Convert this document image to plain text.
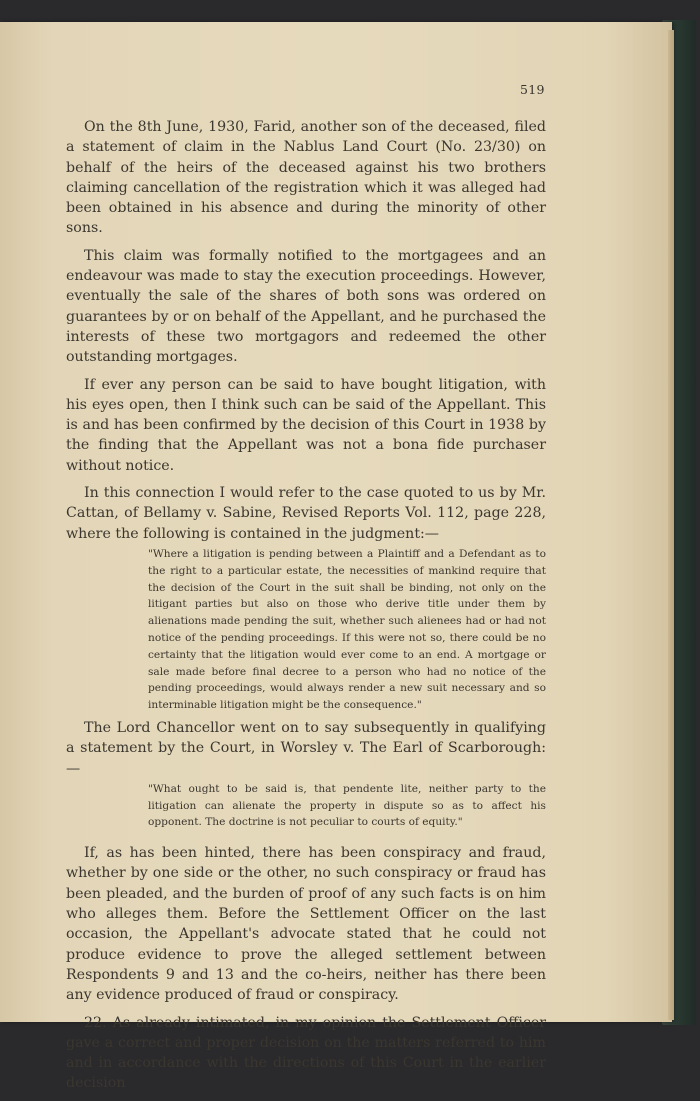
519

On the 8th June, 1930, Farid, another son of the deceased, filed a statement of claim in the Nablus Land Court (No. 23/30) on behalf of the heirs of the deceased against his two brothers claiming cancellation of the registration which it was alleged had been obtained in his absence and during the minority of other sons.

This claim was formally notified to the mortgagees and an endeavour was made to stay the execution proceedings. However, eventually the sale of the shares of both sons was ordered on guarantees by or on behalf of the Appellant, and he purchased the interests of these two mortgagors and redeemed the other outstanding mortgages.

If ever any person can be said to have bought litigation, with his eyes open, then I think such can be said of the Appellant. This is and has been confirmed by the decision of this Court in 1938 by the finding that the Appellant was not a bona fide purchaser without notice.

In this connection I would refer to the case quoted to us by Mr. Cattan, of Bellamy v. Sabine, Revised Reports Vol. 112, page 228, where the following is contained in the judgment:—

"Where a litigation is pending between a Plaintiff and a Defendant as to the right to a particular estate, the necessities of mankind require that the decision of the Court in the suit shall be binding, not only on the litigant parties but also on those who derive title under them by alienations made pending the suit, whether such alienees had or had not notice of the pending proceedings. If this were not so, there could be no certainty that the litigation would ever come to an end. A mortgage or sale made before final decree to a person who had no notice of the pending proceedings, would always render a new suit necessary and so interminable litigation might be the consequence."

The Lord Chancellor went on to say subsequently in qualifying a statement by the Court, in Worsley v. The Earl of Scarborough:—

"What ought to be said is, that pendente lite, neither party to the litigation can alienate the property in dispute so as to affect his opponent. The doctrine is not peculiar to courts of equity."

If, as has been hinted, there has been conspiracy and fraud, whether by one side or the other, no such conspiracy or fraud has been pleaded, and the burden of proof of any such facts is on him who alleges them. Before the Settlement Officer on the last occasion, the Appellant's advocate stated that he could not produce evidence to prove the alleged settlement between Respondents 9 and 13 and the co-heirs, neither has there been any evidence produced of fraud or conspiracy.

22. As already intimated, in my opinion the Settlement Officer gave a correct and proper decision on the matters referred to him and in accordance with the directions of this Court in the earlier decision
